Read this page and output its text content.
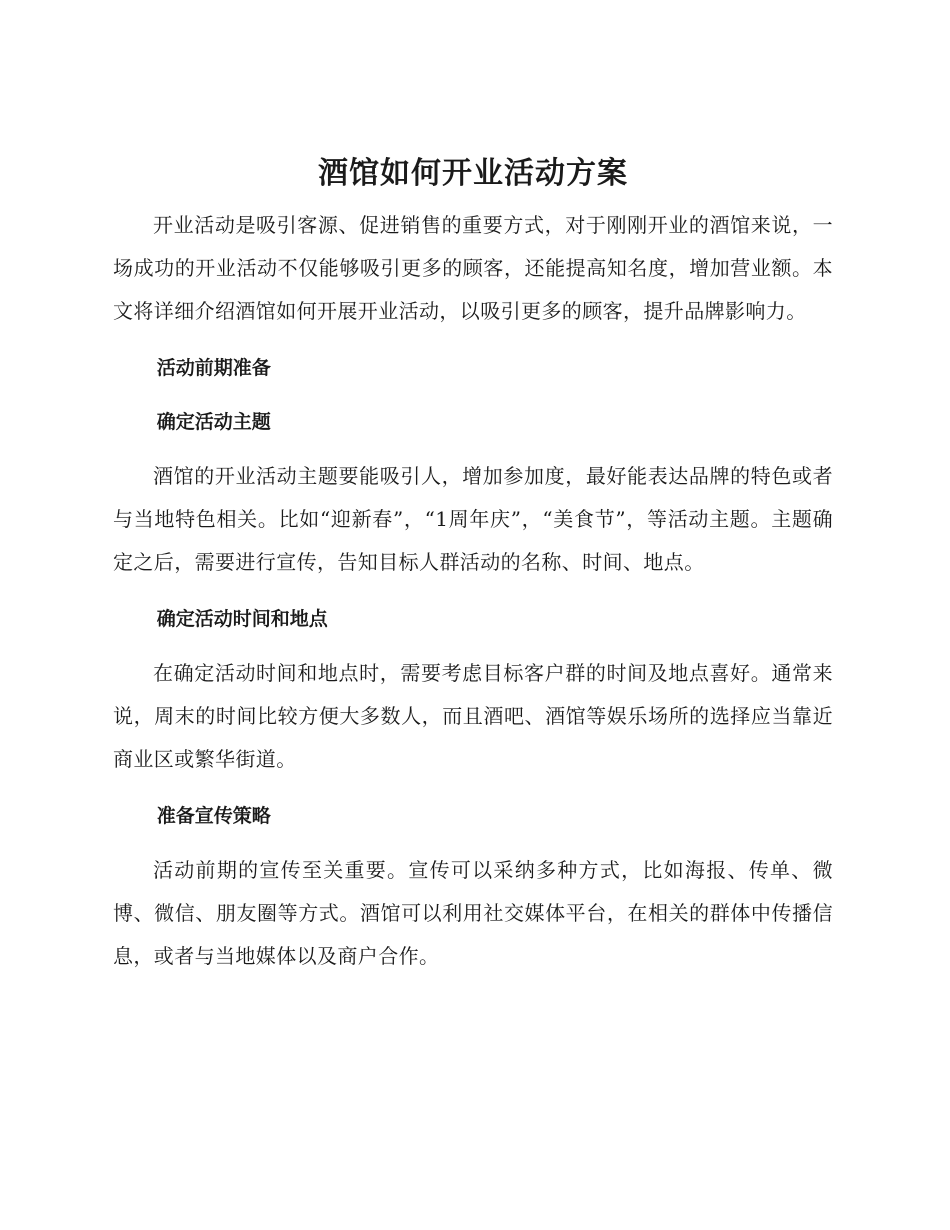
酒馆如何开业活动方案

开业活动是吸引客源、促进销售的重要方式，对于刚刚开业的酒馆来说，一场成功的开业活动不仅能够吸引更多的顾客，还能提高知名度，增加营业额。本文将详细介绍酒馆如何开展开业活动，以吸引更多的顾客，提升品牌影响力。

活动前期准备

确定活动主题

酒馆的开业活动主题要能吸引人，增加参加度，最好能表达品牌的特色或者与当地特色相关。比如“迎新春”，“1周年庆”，“美食节”，等活动主题。主题确定之后，需要进行宣传，告知目标人群活动的名称、时间、地点。

确定活动时间和地点

在确定活动时间和地点时，需要考虑目标客户群的时间及地点喜好。通常来说，周末的时间比较方便大多数人，而且酒吧、酒馆等娱乐场所的选择应当靠近商业区或繁华街道。

准备宣传策略

活动前期的宣传至关重要。宣传可以采纳多种方式，比如海报、传单、微博、微信、朋友圈等方式。酒馆可以利用社交媒体平台，在相关的群体中传播信息，或者与当地媒体以及商户合作。
